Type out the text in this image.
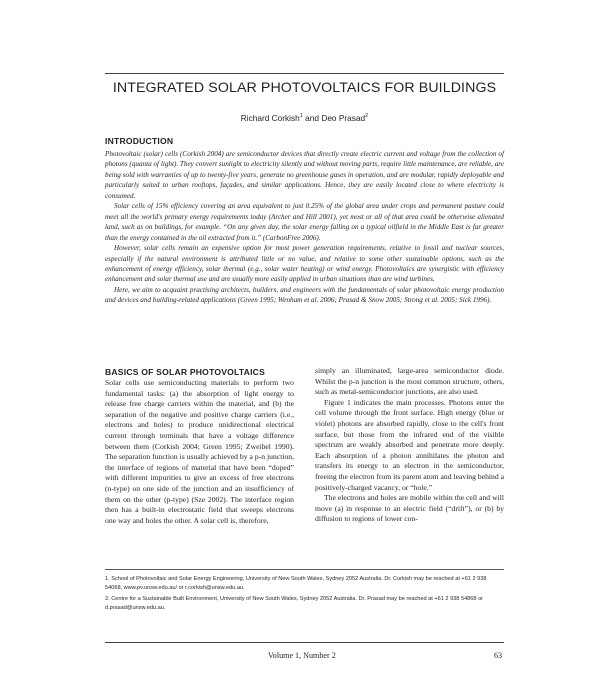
INTEGRATED SOLAR PHOTOVOLTAICS FOR BUILDINGS
Richard Corkish$^1$ and Deo Prasad$^2$
INTRODUCTION

Photovoltaic (solar) cells (Corkish 2004) are semiconductor devices that directly create electric current and voltage from the collection of photons (quanta of light). They convert sunlight to electricity silently and without moving parts, require little maintenance, are reliable, are being sold with warranties of up to twenty-five years, generate no greenhouse gases in operation, and are modular, rapidly deployable and particularly suited to urban rooftops, façades, and similar applications. Hence, they are easily located close to where electricity is consumed.

Solar cells of 15% efficiency covering an area equivalent to just 0.25% of the global area under crops and permanent pasture could meet all the world's primary energy requirements today (Archer and Hill 2001), yet most or all of that area could be otherwise alienated land, such as on buildings, for example. “On any given day, the solar energy falling on a typical oilfield in the Middle East is far greater than the energy contained in the oil extracted from it.” (CarbonFree 2006).

However, solar cells remain an expensive option for most power generation requirements, relative to fossil and nuclear sources, especially if the natural environment is attributed little or no value, and relative to some other sustainable options, such as the enhancement of energy efficiency, solar thermal (e.g., solar water heating) or wind energy. Photovoltaics are synergistic with efficiency enhancement and solar thermal use and are usually more easily applied in urban situations than are wind turbines.

Here, we aim to acquaint practising architects, builders, and engineers with the fundamentals of solar photovoltaic energy production and devices and building-related applications (Green 1995; Wenham et al. 2006; Prasad & Snow 2005; Strong et al. 2005; Sick 1996).

BASICS OF SOLAR PHOTOVOLTAICS

Solar cells use semiconducting materials to perform two fundamental tasks: (a) the absorption of light energy to release free charge carriers within the material, and (b) the separation of the negative and positive charge carriers (i.e., electrons and holes) to produce unidirectional electrical current through terminals that have a voltage difference between them (Corkish 2004; Green 1995; Zweibel 1990). The separation function is usually achieved by a p-n junction, the interface of regions of material that have been “doped” with different impurities to give an excess of free electrons (n-type) on one side of the junction and an insufficiency of them on the other (p-type) (Sze 2002). The interface region then has a built-in electrostatic field that sweeps electrons one way and holes the other. A solar cell is, therefore,

simply an illuminated, large-area semiconductor diode. Whilst the p-n junction is the most common structure, others, such as metal-semiconductor junctions, are also used.

Figure 1 indicates the main processes. Photons enter the cell volume through the front surface. High energy (blue or violet) photons are absorbed rapidly, close to the cell's front surface, but those from the infrared end of the visible spectrum are weakly absorbed and penetrate more deeply. Each absorption of a photon annihilates the photon and transfers its energy to an electron in the semiconductor, freeing the electron from its parent atom and leaving behind a positively-charged vacancy, or “hole.”

The electrons and holes are mobile within the cell and will move (a) in response to an electric field (“drift”), or (b) by diffusion to regions of lower con-

1. School of Photovoltaic and Solar Energy Engineering, University of New South Wales, Sydney 2052 Australia. Dr. Corkish may be reached at +61 2 938 54068, www.pv.unsw.edu.au/ or r.corkish@unsw.edu.au.

2. Centre for a Sustainable Built Environment, University of New South Wales, Sydney 2052 Australia. Dr. Prasad may be reached at +61 2 938 54868 or d.prasad@unsw.edu.au.

Volume 1, Number 2	63
